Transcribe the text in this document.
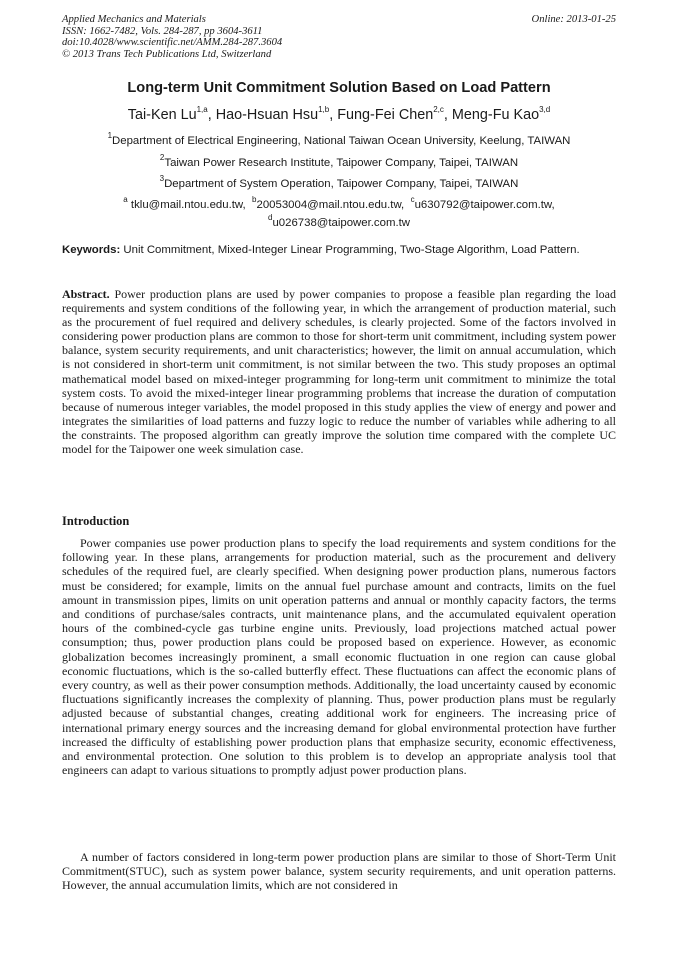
Applied Mechanics and Materials
ISSN: 1662-7482, Vols. 284-287, pp 3604-3611
doi:10.4028/www.scientific.net/AMM.284-287.3604
© 2013 Trans Tech Publications Ltd, Switzerland
Online: 2013-01-25
Long-term Unit Commitment Solution Based on Load Pattern
Tai-Ken Lu$^{1,a}$, Hao-Hsuan Hsu$^{1,b}$, Fung-Fei Chen$^{2,c}$, Meng-Fu Kao$^{3,d}$
$^1$Department of Electrical Engineering, National Taiwan Ocean University, Keelung, TAIWAN
$^2$Taiwan Power Research Institute, Taipower Company, Taipei, TAIWAN
$^3$Department of System Operation, Taipower Company, Taipei, TAIWAN
$^a$ tklu@mail.ntou.edu.tw, $^b$20053004@mail.ntou.edu.tw, $^c$u630792@taipower.com.tw,
$^d$u026738@taipower.com.tw
Keywords: Unit Commitment, Mixed-Integer Linear Programming, Two-Stage Algorithm, Load Pattern.
Abstract. Power production plans are used by power companies to propose a feasible plan regarding the load requirements and system conditions of the following year, in which the arrangement of production material, such as the procurement of fuel required and delivery schedules, is clearly projected. Some of the factors involved in considering power production plans are common to those for short-term unit commitment, including system power balance, system security requirements, and unit characteristics; however, the limit on annual accumulation, which is not considered in short-term unit commitment, is not similar between the two. This study proposes an optimal mathematical model based on mixed-integer programming for long-term unit commitment to minimize the total system costs. To avoid the mixed-integer linear programming problems that increase the duration of computation because of numerous integer variables, the model proposed in this study applies the view of energy and power and integrates the similarities of load patterns and fuzzy logic to reduce the number of variables while adhering to all the constraints. The proposed algorithm can greatly improve the solution time compared with the complete UC model for the Taipower one week simulation case.
Introduction

Power companies use power production plans to specify the load requirements and system conditions for the following year. In these plans, arrangements for production material, such as the procurement and delivery schedules of the required fuel, are clearly specified. When designing power production plans, numerous factors must be considered; for example, limits on the annual fuel purchase amount and contracts, limits on the fuel amount in transmission pipes, limits on unit operation patterns and annual or monthly capacity factors, the terms and conditions of purchase/sales contracts, unit maintenance plans, and the accumulated equivalent operation hours of the combined-cycle gas turbine engine units. Previously, load projections matched actual power consumption; thus, power production plans could be proposed based on experience. However, as economic globalization becomes increasingly prominent, a small economic fluctuation in one region can cause global economic fluctuations, which is the so-called butterfly effect. These fluctuations can affect the economic plans of every country, as well as their power consumption methods. Additionally, the load uncertainty caused by economic fluctuations significantly increases the complexity of planning. Thus, power production plans must be regularly adjusted because of substantial changes, creating additional work for engineers. The increasing price of international primary energy sources and the increasing demand for global environmental protection have further increased the difficulty of establishing power production plans that emphasize security, economic effectiveness, and environmental protection. One solution to this problem is to develop an appropriate analysis tool that engineers can adapt to various situations to promptly adjust power production plans.

A number of factors considered in long-term power production plans are similar to those of Short-Term Unit Commitment(STUC), such as system power balance, system security requirements, and unit operation patterns. However, the annual accumulation limits, which are not considered in
